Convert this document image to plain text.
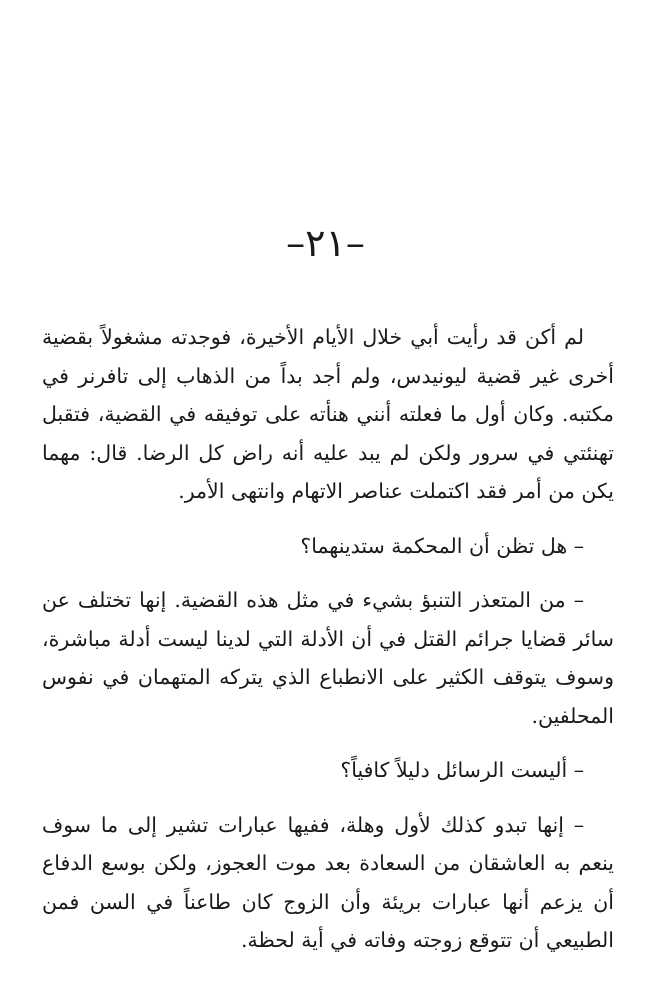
–٢١–

لم أكن قد رأيت أبي خلال الأيام الأخيرة، فوجدته مشغولاً بقضية أخرى غير قضية ليونيدس، ولم أجد بداً من الذهاب إلى تافرنر في مكتبه. وكان أول ما فعلته أنني هنأته على توفيقه في القضية، فتقبل تهنئتي في سرور ولكن لم يبد عليه أنه راض كل الرضا. قال: مهما يكن من أمر فقد اكتملت عناصر الاتهام وانتهى الأمر.

– هل تظن أن المحكمة ستدينهما؟

– من المتعذر التنبؤ بشيء في مثل هذه القضية. إنها تختلف عن سائر قضايا جرائم القتل في أن الأدلة التي لدينا ليست أدلة مباشرة، وسوف يتوقف الكثير على الانطباع الذي يتركه المتهمان في نفوس المحلفين.

– أليست الرسائل دليلاً كافياً؟

– إنها تبدو كذلك لأول وهلة، ففيها عبارات تشير إلى ما سوف ينعم به العاشقان من السعادة بعد موت العجوز، ولكن بوسع الدفاع أن يزعم أنها عبارات بريئة وأن الزوج كان طاعناً في السن فمن الطبيعي أن تتوقع زوجته وفاته في أية لحظة.
